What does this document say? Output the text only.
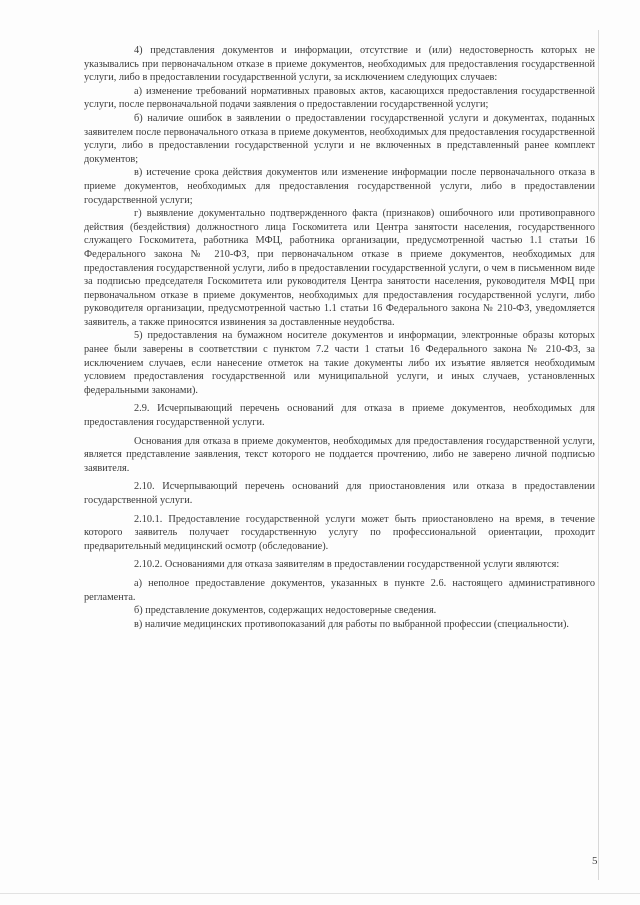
4) представления документов и информации, отсутствие и (или) недостоверность которых не указывались при первоначальном отказе в приеме документов, необходимых для предоставления государственной услуги, либо в предоставлении государственной услуги, за исключением следующих случаев:

а) изменение требований нормативных правовых актов, касающихся предоставления государственной услуги, после первоначальной подачи заявления о предоставлении государственной услуги;

б) наличие ошибок в заявлении о предоставлении государственной услуги и документах, поданных заявителем после первоначального отказа в приеме документов, необходимых для предоставления государственной услуги, либо в предоставлении государственной услуги и не включенных в представленный ранее комплект документов;

в) истечение срока действия документов или изменение информации после первоначального отказа в приеме документов, необходимых для предоставления государственной услуги, либо в предоставлении государственной услуги;

г) выявление документально подтвержденного факта (признаков) ошибочного или противоправного действия (бездействия) должностного лица Госкомитета или Центра занятости населения, государственного служащего Госкомитета, работника МФЦ, работника организации, предусмотренной частью 1.1 статьи 16 Федерального закона № 210-ФЗ, при первоначальном отказе в приеме документов, необходимых для предоставления государственной услуги, либо в предоставлении государственной услуги, о чем в письменном виде за подписью председателя Госкомитета или руководителя Центра занятости населения, руководителя МФЦ при первоначальном отказе в приеме документов, необходимых для предоставления государственной услуги, либо руководителя организации, предусмотренной частью 1.1 статьи 16 Федерального закона № 210-ФЗ, уведомляется заявитель, а также приносятся извинения за доставленные неудобства.

5) предоставления на бумажном носителе документов и информации, электронные образы которых ранее были заверены в соответствии с пунктом 7.2 части 1 статьи 16 Федерального закона № 210-ФЗ, за исключением случаев, если нанесение отметок на такие документы либо их изъятие является необходимым условием предоставления государственной или муниципальной услуги, и иных случаев, установленных федеральными законами).

2.9. Исчерпывающий перечень оснований для отказа в приеме документов, необходимых для предоставления государственной услуги.

Основания для отказа в приеме документов, необходимых для предоставления государственной услуги, является представление заявления, текст которого не поддается прочтению, либо не заверено личной подписью заявителя.

2.10. Исчерпывающий перечень оснований для приостановления или отказа в предоставлении государственной услуги.

2.10.1. Предоставление государственной услуги может быть приостановлено на время, в течение которого заявитель получает государственную услугу по профессиональной ориентации, проходит предварительный медицинский осмотр (обследование).

2.10.2. Основаниями для отказа заявителям в предоставлении государственной услуги являются:

а) неполное предоставление документов, указанных в пункте 2.6. настоящего административного регламента.

б) представление документов, содержащих недостоверные сведения.

в) наличие медицинских противопоказаний для работы по выбранной профессии (специальности).

5
